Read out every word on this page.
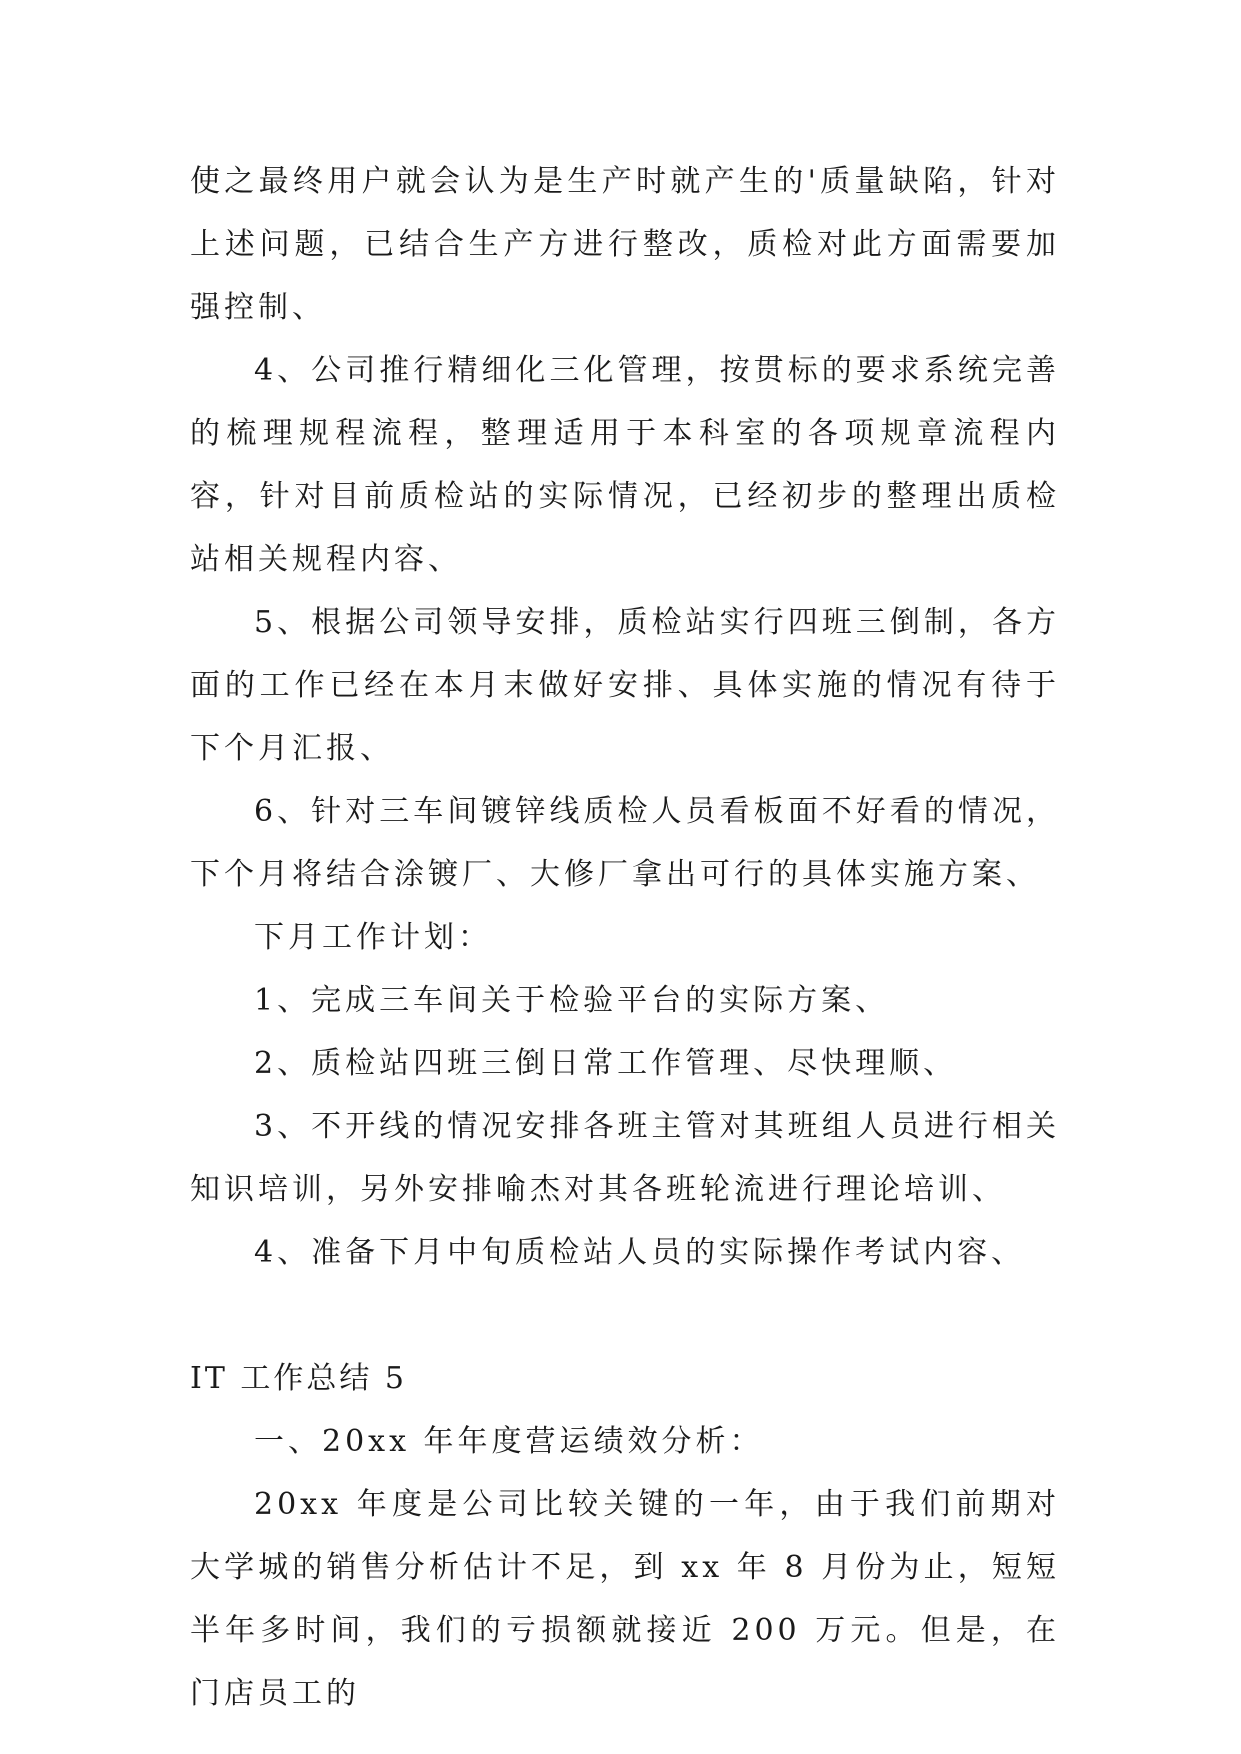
使之最终用户就会认为是生产时就产生的'质量缺陷，针对上述问题，已结合生产方进行整改，质检对此方面需要加强控制、

4、公司推行精细化三化管理，按贯标的要求系统完善的梳理规程流程，整理适用于本科室的各项规章流程内容，针对目前质检站的实际情况，已经初步的整理出质检站相关规程内容、

5、根据公司领导安排，质检站实行四班三倒制，各方面的工作已经在本月末做好安排、具体实施的情况有待于下个月汇报、

6、针对三车间镀锌线质检人员看板面不好看的情况，下个月将结合涂镀厂、大修厂拿出可行的具体实施方案、

下月工作计划：

1、完成三车间关于检验平台的实际方案、

2、质检站四班三倒日常工作管理、尽快理顺、

3、不开线的情况安排各班主管对其班组人员进行相关知识培训，另外安排喻杰对其各班轮流进行理论培训、

4、准备下月中旬质检站人员的实际操作考试内容、

IT 工作总结 5

一、20xx 年年度营运绩效分析：

20xx 年度是公司比较关键的一年，由于我们前期对大学城的销售分析估计不足，到 xx 年 8 月份为止，短短半年多时间，我们的亏损额就接近 200 万元。但是，在门店员工的
